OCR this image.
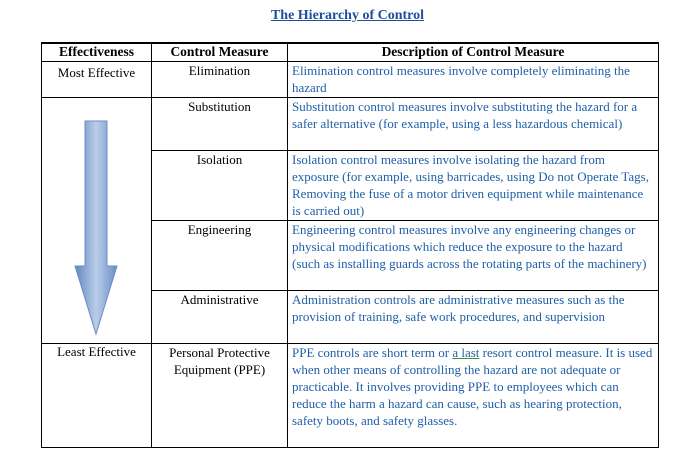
The Hierarchy of Control
Effectiveness	Control Measure	Description of Control Measure
Most Effective	Elimination	Elimination control measures involve completely eliminating the hazard

	Substitution	Substitution control measures involve substituting the hazard for a safer alternative (for example, using a less hazardous chemical)
	Isolation	Isolation control measures involve isolating the hazard from exposure (for example, using barricades, using Do not Operate Tags, Removing the fuse of a motor driven equipment while maintenance is carried out)
	Engineering	Engineering control measures involve any engineering changes or physical modifications which reduce the exposure to the hazard (such as installing guards across the rotating parts of the machinery)
	Administrative	Administration controls are administrative measures such as the provision of training, safe work procedures, and supervision
Least Effective	Personal Protective Equipment (PPE)	PPE controls are short term or a last resort control measure. It is used when other means of controlling the hazard are not adequate or practicable. It involves providing PPE to employees which can reduce the harm a hazard can cause, such as hearing protection, safety boots, and safety glasses.
